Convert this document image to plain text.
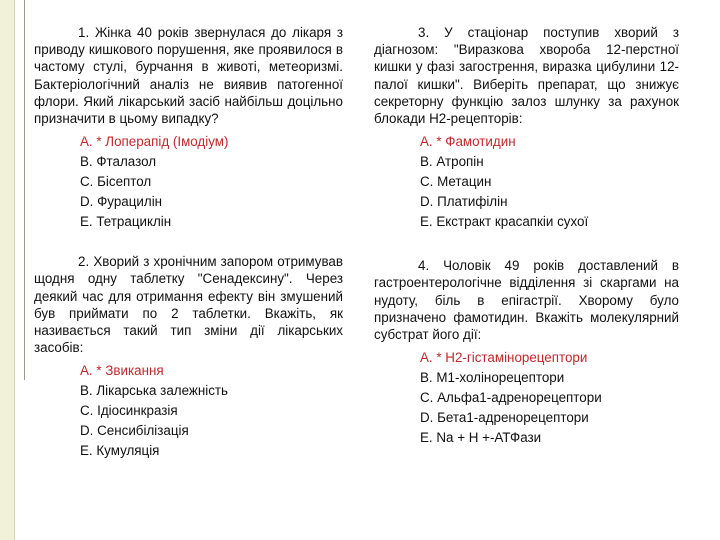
1. Жінка 40 років звернулася до лікаря з приводу кишкового порушення, яке проявилося в частому стулі, бурчання в животі, метеоризмі. Бактеріологічний аналіз не виявив патогенної флори. Який лікарський засіб найбільш доцільно призначити в цьому випадку?
А. * Лоперапід (Імодіум)
В. Фталазол
С. Бісептол
D. Фурацилін
Е. Тетрациклін
2. Хворий з хронічним запором отримував щодня одну таблетку "Сенадексину". Через деякий час для отримання ефекту він змушений був приймати по 2 таблетки. Вкажіть, як називається такий тип зміни дії лікарських засобів:
А. * Звикання
В. Лікарська залежність
С. Ідіосинкразія
D. Сенсибілізація
Е. Кумуляція
3. У стаціонар поступив хворий з діагнозом: "Виразкова хвороба 12-перстної кишки у фазі загострення, виразка цибулини 12-палої кишки". Виберіть препарат, що знижує секреторну функцію залоз шлунку за рахунок блокади Н2-рецепторів:
А. * Фамотидин
В. Атропін
С. Метацин
D. Платифілін
Е. Екстракт красапкіи сухої
4. Чоловік 49 років доставлений в гастроентерологічне відділення зі скаргами на нудоту, біль в епігастрії. Хворому було призначено фамотидин. Вкажіть молекулярний субстрат його дії:
А. * Н2-гістамінорецептори
В. М1-холінорецептори
С. Альфа1-адренорецептори
D. Бета1-адренорецептори
Е. Na + H +-АТФази
